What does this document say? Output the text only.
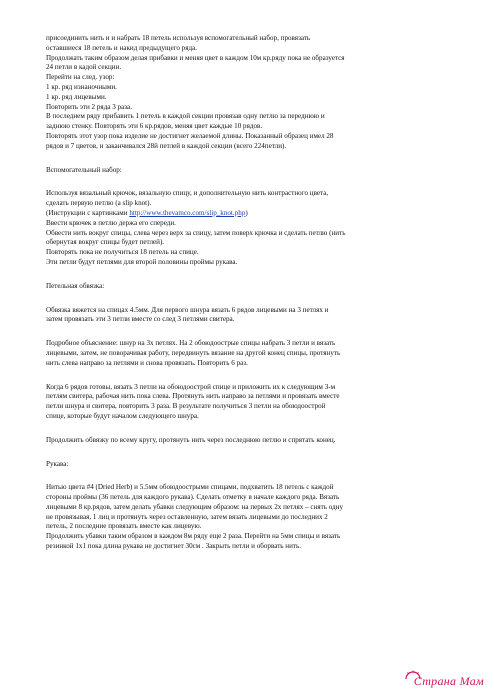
присоединить нить и и набрать 18 петель используя вспомогательный набор, провязать

оставшиеся 18 петель и накид предыдущего ряда.

Продолжать таким образом делая прибавки и меняя цвет в каждом 10м кр.ряду пока не образуется

24 петли в кадой секции.

Перейти на след. узор:

1 кр. ряд изнаночными.

1 кр. ряд лицевыми.

Повторить эти 2 ряда 3 раза.

В последнем ряду прибавить 1 петель в каждой секции провязав одну петлю за переднюю и

заднюю стенку. Повторять эти 6 кр.рядов, меняя цвет каждые 10 рядов.

Повторять этот узор пока изделие не достигнет желаемой длины. Показанный образец имел 28

рядов и 7 цветов, и заканчивался 28й петлей в каждой секции (всего 224петли).

Вспомогательный набор:

Используя вязальный крючок, вязальную спицу, и дополнительную нить контрастного цвета,

сделать первую петлю (a slip knot).

(Инструкции с картинками http://www.thevamco.com/slip_knot.php)

Ввести крючек в петлю держа его спереди.

Обвести нить вокруг спицы, слева через верх за спицу, затем поверх крючка и сделать петлю (нить

обернутая вокруг спицы будет петлей).

Повторять пока не получиться 18 петель на спице.

Эти петли будут петлями для второй половины проймы рукава.

Петельная обвязка:

Обвязка вяжется на спицах 4.5мм. Для первого шнура вязать 6 рядов лицевыми на 3 петлях и

затем провязать эти 3 петли вместе со след 3 петлями свитера.

Подробное объяснение: шнур на 3х петлях. На 2 обоюдоострые спицы набрать 3 петли и вязать

лицевыми, затем, не поворачивая работу, передвинуть вязание на другой конец спицы, протянуть

нить слева направо за петлями и снова провязать. Повторить 6 раз.

Когда 6 рядов готовы, вязать 3 петли на обоюдоострой спице и приложить их к следующим 3-м

петлям свитера, рабочая нить пока слева. Протянуть нить направо за петлями и провязать вместе

петли шнура и свитера, повторить 3 раза. В результате получиться 3 петли на обоюдоострой

спице, которые будут началом следующего шнура.

Продолжить обвязку по всему кругу, протянуть нить через последнюю петлю и спрятать конец.

Рукава:

Нитью цвета #4 (Dried Herb) и 5.5мм обоюдоострыми спицами, подхватить 18 петель с каждой

стороны проймы (36 петель для каждого рукава). Сделать отметку в начале каждого ряда. Вязать

лицевыми 8 кр.рядов, затем делать убавки следующим образом: на первых 2х петлях – снять одну

не провязывая, 1 лиц и протянуть через оставленную, затем вязать лицевыми до последних 2

петель, 2 последние провязать вместе как лицевую.

Продолжить убавки таким образом в каждом 8м ряду еще 2 раза. Перейти на 5мм спицы и вязать

резинкой 1х1 пока длина рукава не достигнет 30см . Закрыть петли и оборвать нить.

Страна Мам
